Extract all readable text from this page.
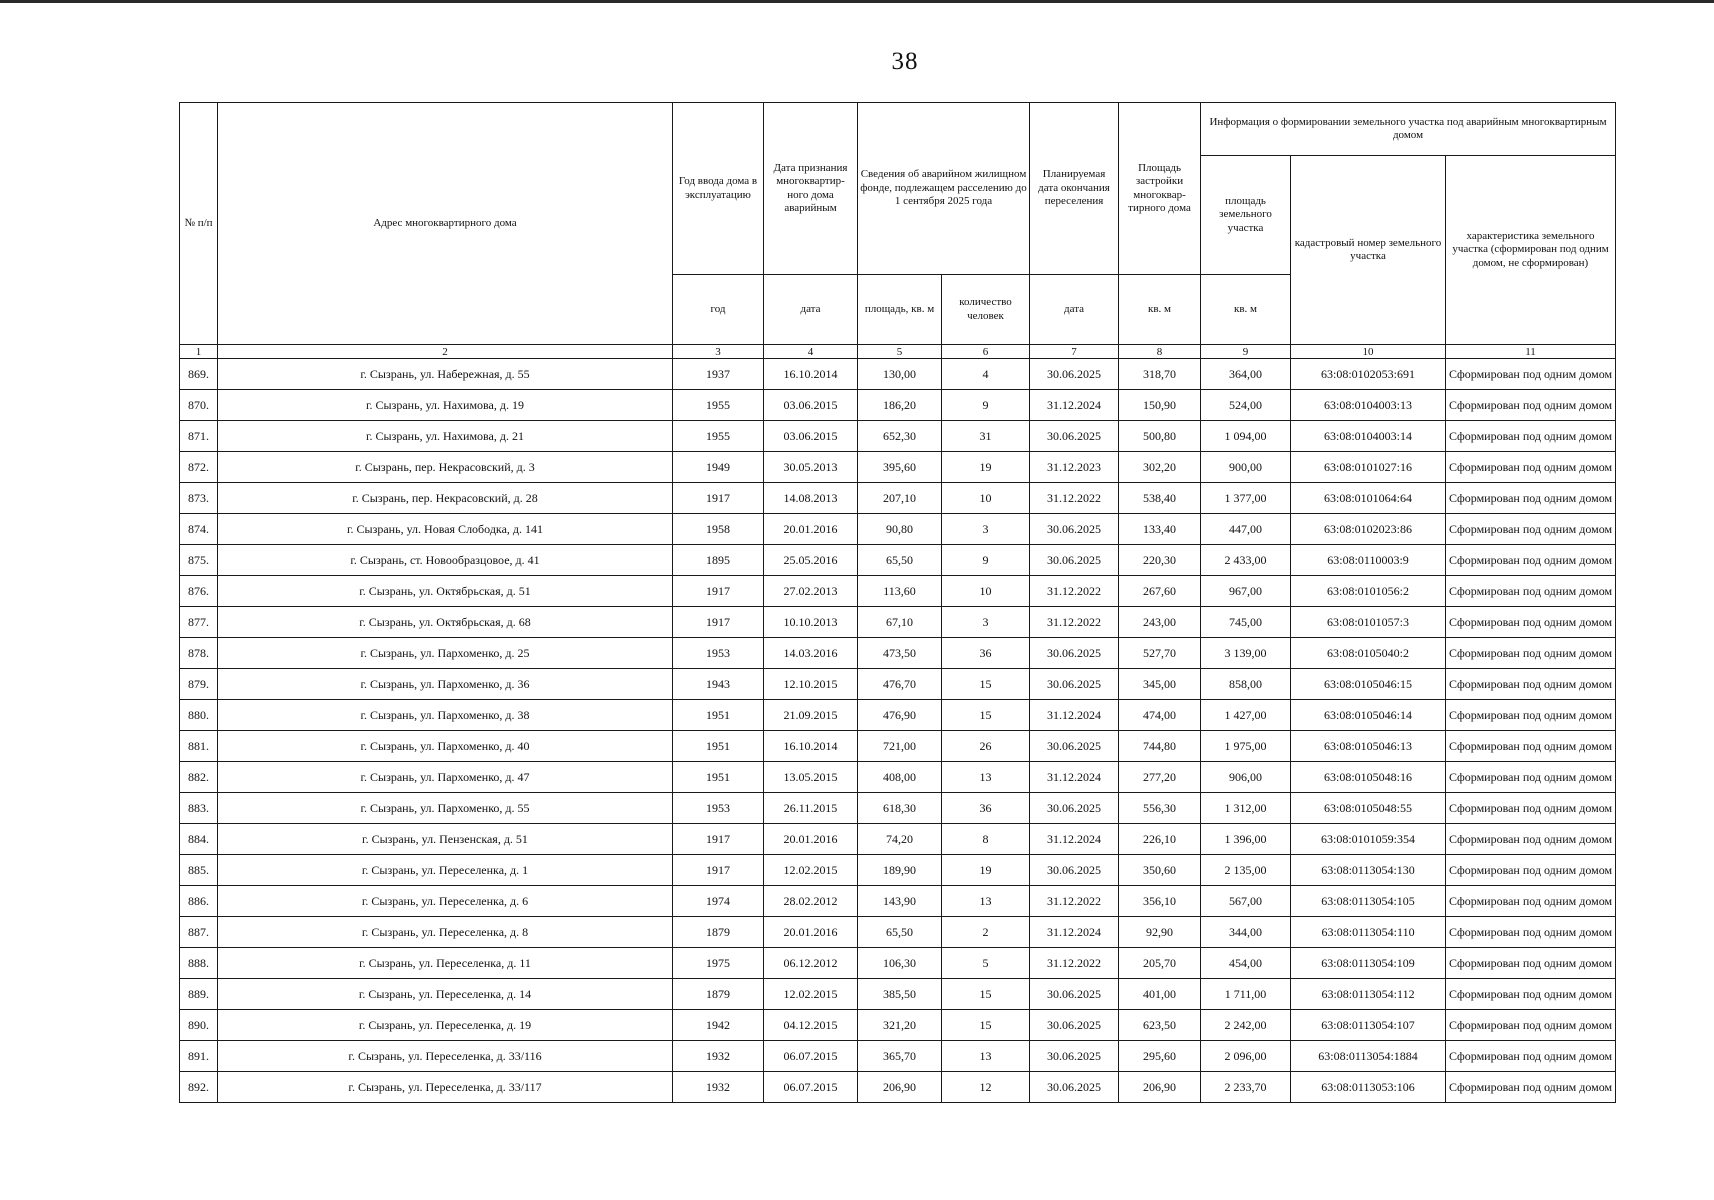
38
№ п/п	Адрес многоквартирного дома	Год ввода дома в эксплуатацию	Дата признания многоквартир-ного дома аварийным	Сведения об аварийном жилищном фонде, подлежащем расселению до 1 сентября 2025 года		Планируемая дата окончания переселения	Площадь застройки многоквар-тирного дома	Информация о формировании земельного участка под аварийным многоквартирным домом		
								площадь земельного участка	кадастровый номер земельного участка	характеристика земельного участка (сформирован под одним домом, не сформирован)
		год	дата	площадь, кв. м	количество человек	дата	кв. м	кв. м		
1	2	3	4	5	6	7	8	9	10	11
869.	г. Сызрань, ул. Набережная, д. 55	1937	16.10.2014	130,00	4	30.06.2025	318,70	364,00	63:08:0102053:691	Сформирован под одним домом
870.	г. Сызрань, ул. Нахимова, д. 19	1955	03.06.2015	186,20	9	31.12.2024	150,90	524,00	63:08:0104003:13	Сформирован под одним домом
871.	г. Сызрань, ул. Нахимова, д. 21	1955	03.06.2015	652,30	31	30.06.2025	500,80	1 094,00	63:08:0104003:14	Сформирован под одним домом
872.	г. Сызрань, пер. Некрасовский, д. 3	1949	30.05.2013	395,60	19	31.12.2023	302,20	900,00	63:08:0101027:16	Сформирован под одним домом
873.	г. Сызрань, пер. Некрасовский, д. 28	1917	14.08.2013	207,10	10	31.12.2022	538,40	1 377,00	63:08:0101064:64	Сформирован под одним домом
874.	г. Сызрань, ул. Новая Слободка, д. 141	1958	20.01.2016	90,80	3	30.06.2025	133,40	447,00	63:08:0102023:86	Сформирован под одним домом
875.	г. Сызрань, ст. Новообразцовое, д. 41	1895	25.05.2016	65,50	9	30.06.2025	220,30	2 433,00	63:08:0110003:9	Сформирован под одним домом
876.	г. Сызрань, ул. Октябрьская, д. 51	1917	27.02.2013	113,60	10	31.12.2022	267,60	967,00	63:08:0101056:2	Сформирован под одним домом
877.	г. Сызрань, ул. Октябрьская, д. 68	1917	10.10.2013	67,10	3	31.12.2022	243,00	745,00	63:08:0101057:3	Сформирован под одним домом
878.	г. Сызрань, ул. Пархоменко, д. 25	1953	14.03.2016	473,50	36	30.06.2025	527,70	3 139,00	63:08:0105040:2	Сформирован под одним домом
879.	г. Сызрань, ул. Пархоменко, д. 36	1943	12.10.2015	476,70	15	30.06.2025	345,00	858,00	63:08:0105046:15	Сформирован под одним домом
880.	г. Сызрань, ул. Пархоменко, д. 38	1951	21.09.2015	476,90	15	31.12.2024	474,00	1 427,00	63:08:0105046:14	Сформирован под одним домом
881.	г. Сызрань, ул. Пархоменко, д. 40	1951	16.10.2014	721,00	26	30.06.2025	744,80	1 975,00	63:08:0105046:13	Сформирован под одним домом
882.	г. Сызрань, ул. Пархоменко, д. 47	1951	13.05.2015	408,00	13	31.12.2024	277,20	906,00	63:08:0105048:16	Сформирован под одним домом
883.	г. Сызрань, ул. Пархоменко, д. 55	1953	26.11.2015	618,30	36	30.06.2025	556,30	1 312,00	63:08:0105048:55	Сформирован под одним домом
884.	г. Сызрань, ул. Пензенская, д. 51	1917	20.01.2016	74,20	8	31.12.2024	226,10	1 396,00	63:08:0101059:354	Сформирован под одним домом
885.	г. Сызрань, ул. Переселенка, д. 1	1917	12.02.2015	189,90	19	30.06.2025	350,60	2 135,00	63:08:0113054:130	Сформирован под одним домом
886.	г. Сызрань, ул. Переселенка, д. 6	1974	28.02.2012	143,90	13	31.12.2022	356,10	567,00	63:08:0113054:105	Сформирован под одним домом
887.	г. Сызрань, ул. Переселенка, д. 8	1879	20.01.2016	65,50	2	31.12.2024	92,90	344,00	63:08:0113054:110	Сформирован под одним домом
888.	г. Сызрань, ул. Переселенка, д. 11	1975	06.12.2012	106,30	5	31.12.2022	205,70	454,00	63:08:0113054:109	Сформирован под одним домом
889.	г. Сызрань, ул. Переселенка, д. 14	1879	12.02.2015	385,50	15	30.06.2025	401,00	1 711,00	63:08:0113054:112	Сформирован под одним домом
890.	г. Сызрань, ул. Переселенка, д. 19	1942	04.12.2015	321,20	15	30.06.2025	623,50	2 242,00	63:08:0113054:107	Сформирован под одним домом
891.	г. Сызрань, ул. Переселенка, д. 33/116	1932	06.07.2015	365,70	13	30.06.2025	295,60	2 096,00	63:08:0113054:1884	Сформирован под одним домом
892.	г. Сызрань, ул. Переселенка, д. 33/117	1932	06.07.2015	206,90	12	30.06.2025	206,90	2 233,70	63:08:0113053:106	Сформирован под одним домом
